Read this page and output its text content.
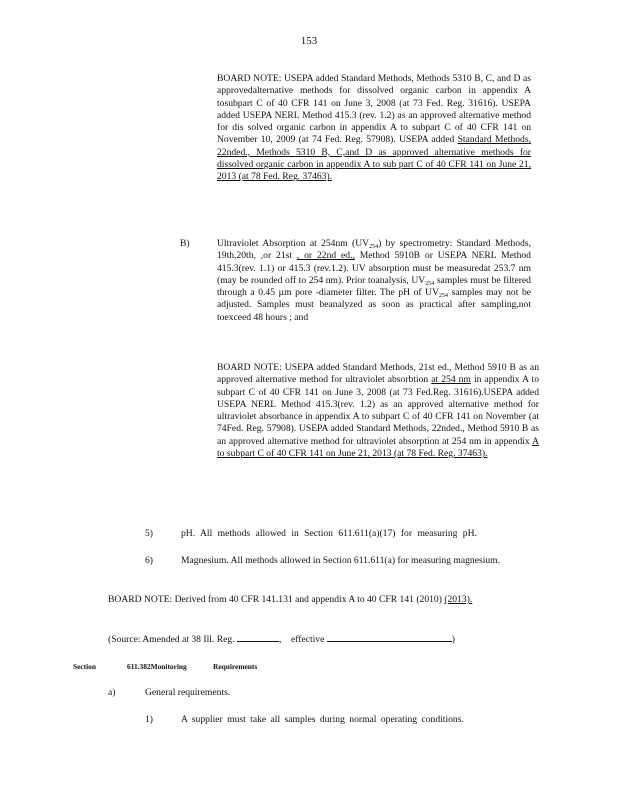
153

BOARD NOTE: USEPA added Standard Methods, Methods 5310 B, C, and D as approvedalternative methods for dissolved organic carbon in appendix A tosubpart C of 40 CFR 141 on June 3, 2008 (at 73 Fed. Reg. 31616). USEPA added USEPA NERL Method 415.3 (rev. 1.2) as an approved alternative method for dis solved organic carbon in appendix A to subpart C of 40 CFR 141 on November 10, 2009 (at 74 Fed. Reg. 57908). USEPA added Standard Methods, 22nded., Methods 5310 B, C,and D as approved alternative methods for dissolved organic carbon in appendix A to sub part C of 40 CFR 141 on June 21, 2013 (at 78 Fed. Reg. 37463).

B)	Ultraviolet Absorption at 254nm $(UV_{254})$ by spectrometry: Standard Methods, 19th,20th, ,or 21st , or 22nd ed., Method 5910B or USEPA NERL Method 415.3(rev. 1.1) or 415.3 (rev.1.2). UV absorption must be measuredat 253.7 nm (may be rounded off to 254 nm). Prior toanalysis, $UV_{254}$ samples must be filtered through a 0.45 µm pore -diameter filter. The pH of $UV_{254}$ samples may not be adjusted. Samples must beanalyzed as soon as practical after sampling,not toexceed 48 hours ; and

BOARD NOTE: USEPA added Standard Methods, 21st ed., Method 5910 B as an approved alternative method for ultraviolet absorbtion at 254 nm in appendix A to subpart C of 40 CFR 141 on June 3, 2008 (at 73 Fed.Reg. 31616).USEPA added USEPA NERL Method 415.3(rev. 1.2) as an approved alternative method for ultraviolet absorbance in appendix A to subpart C of 40 CFR 141 on November (at 74Fed. Reg. 57908). USEPA added Standard Methods, 22nded., Method 5910 B as an approved alternative method for ultraviolet absorption at 254 nm in appendix A to subpart C of 40 CFR 141 on June 21, 2013 (at 78 Fed. Reg. 37463).

5)	pH. All methods allowed in Section 611.611(a)(17) for measuring pH.

6)	Magnesium. All methods allowed in Section 611.611(a) for measuring magnesium.

BOARD NOTE: Derived from 40 CFR 141.131 and appendix A to 40 CFR 141 (2010) (2013).

(Source: Amended at 38 Ill. Reg.	, effective	)

Section	611.382Monitoring	Requirements
a)	General requirements.

1)	A supplier must take all samples during normal operating conditions.
